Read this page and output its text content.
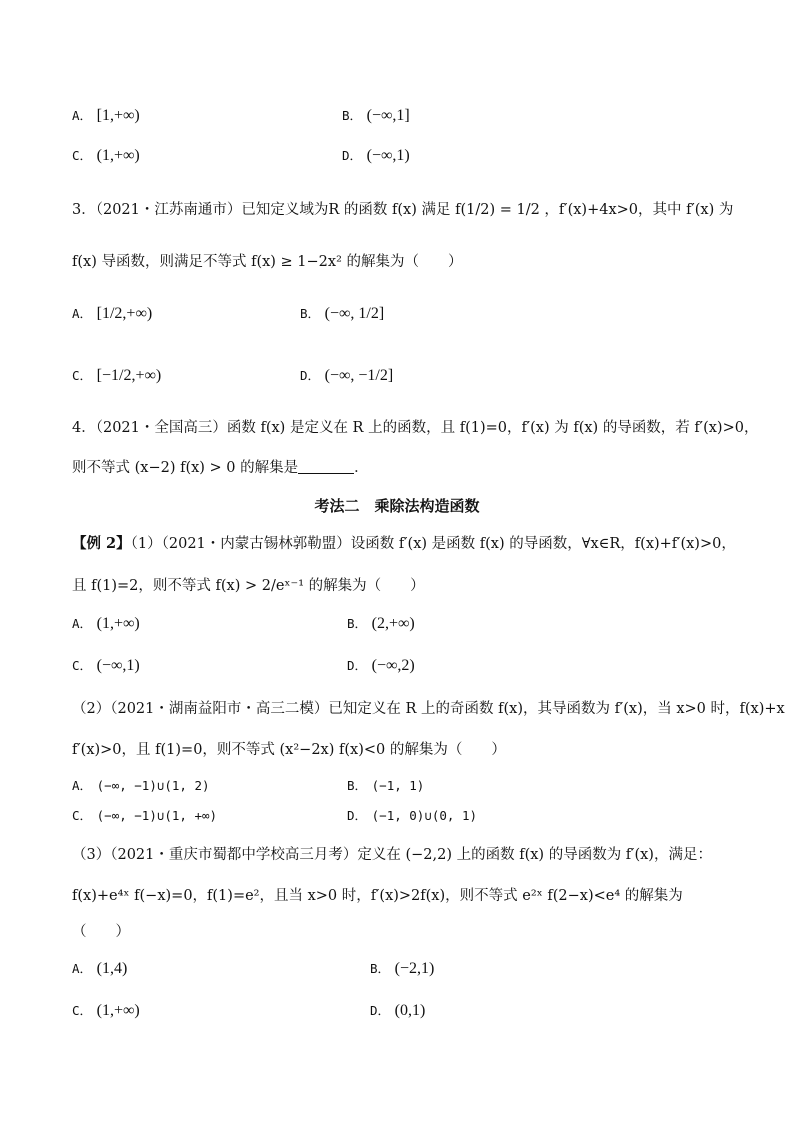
A． [1,+∞)	B． (−∞,1]
C． (1,+∞)	D． (−∞,1)
3．（2021・江苏南通市）已知定义域为R 的函数 f(x) 满足 f(1/2) = 1/2 ，f′(x)+4x>0，其中 f′(x) 为
f(x) 导函数，则满足不等式 f(x) ≥ 1−2x² 的解集为（　　）
A． [1/2,+∞)	B． (−∞, 1/2]
C． [−1/2,+∞)	D． (−∞, −1/2]
4．（2021・全国高三）函数 f(x) 是定义在 R 上的函数，且 f(1)=0，f′(x) 为 f(x) 的导函数，若 f′(x)>0，
则不等式 (x−2) f(x) > 0 的解集是	．
考法二　乘除法构造函数
【例 2】（1）（2021・内蒙古锡林郭勒盟）设函数 f′(x) 是函数 f(x) 的导函数，∀x∈R，f(x)+f′(x)>0，
且 f(1)=2，则不等式 f(x) > 2/eˣ⁻¹ 的解集为（　　）
A． (1,+∞)	B． (2,+∞)
C． (−∞,1)	D． (−∞,2)
（2）（2021・湖南益阳市・高三二模）已知定义在 R 上的奇函数 f(x)，其导函数为 f′(x)，当 x>0 时，f(x)+x
f′(x)>0，且 f(1)=0，则不等式 (x²−2x) f(x)<0 的解集为（　　）
A． (−∞, −1)∪(1, 2)	B． (−1, 1)
C． (−∞, −1)∪(1, +∞)	D． (−1, 0)∪(0, 1)
（3）（2021・重庆市蜀都中学校高三月考）定义在 (−2,2) 上的函数 f(x) 的导函数为 f′(x)，满足：
f(x)+e⁴ˣ f(−x)=0，f(1)=e²，且当 x>0 时，f′(x)>2f(x)，则不等式 e²ˣ f(2−x)<e⁴ 的解集为
（　　）
A． (1,4)	B． (−2,1)
C． (1,+∞)	D． (0,1)
